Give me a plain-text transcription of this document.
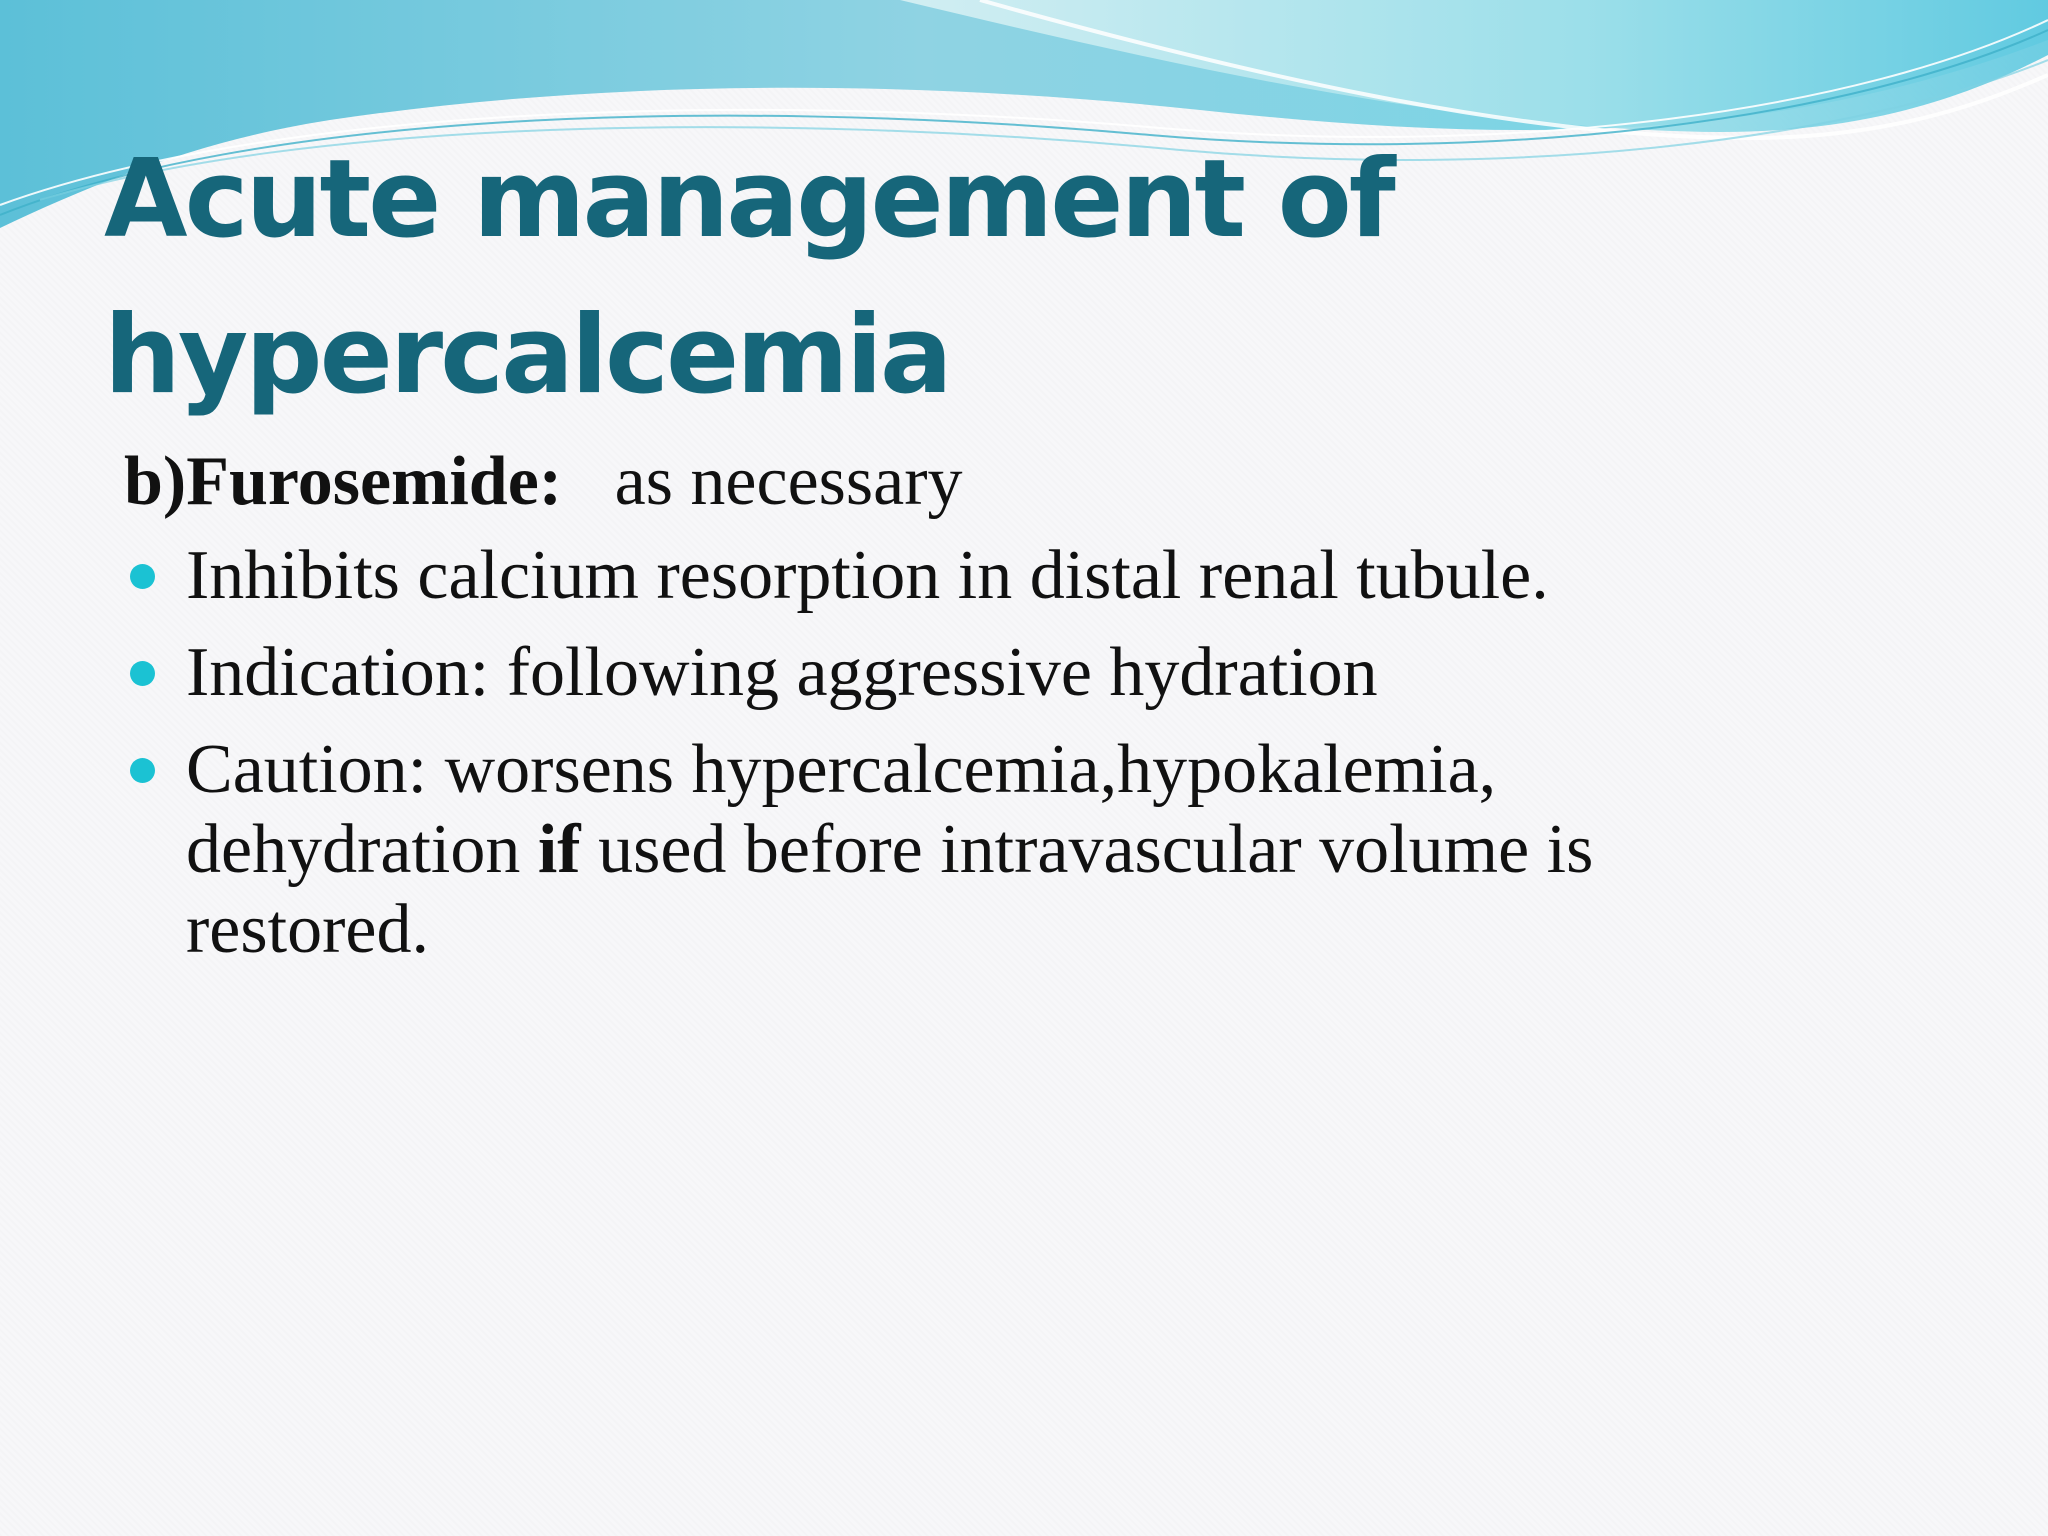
Acute management of
hypercalcemia
b)Furosemide: as necessary
Inhibits calcium resorption in distal renal tubule.
Indication: following aggressive hydration
Caution: worsens hypercalcemia,hypokalemia,
dehydration if used before intravascular volume is
restored.
